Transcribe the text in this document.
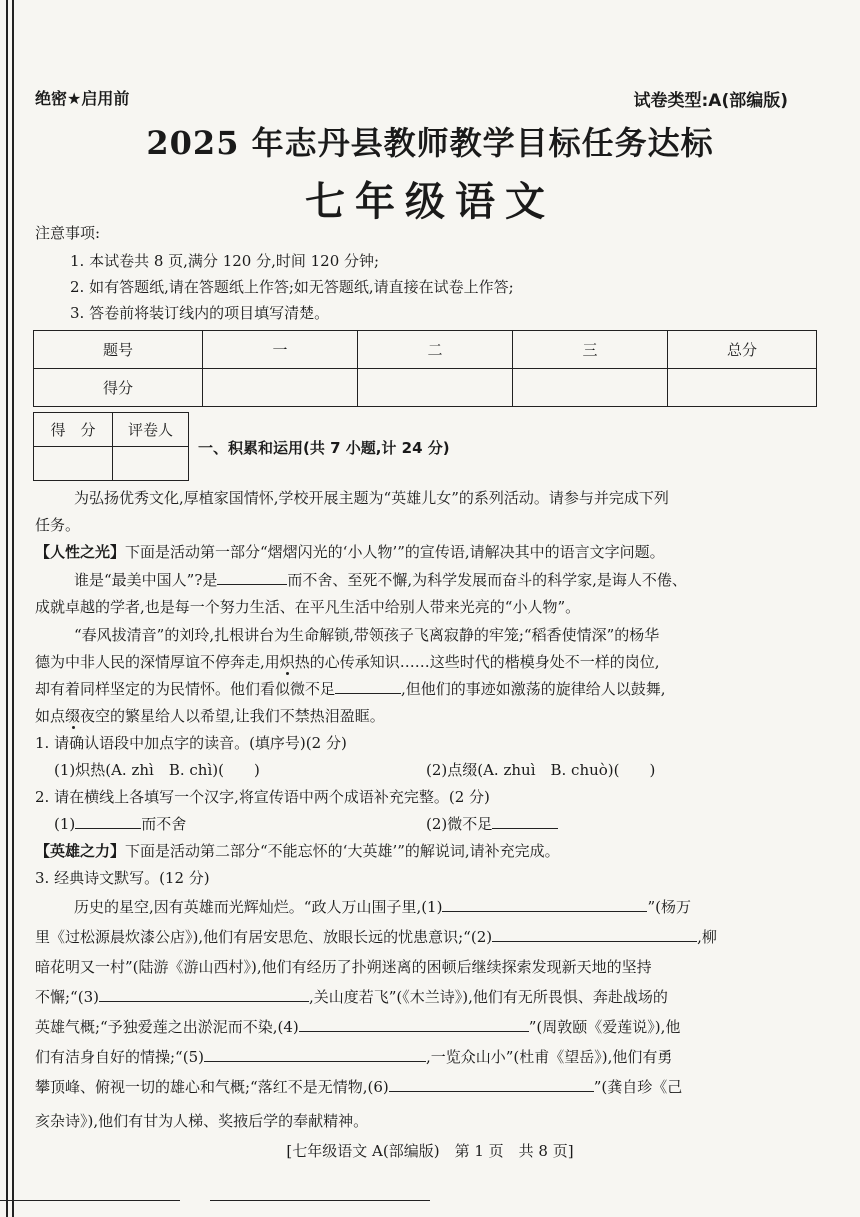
绝密★启用前	试卷类型:A(部编版)
2025 年志丹县教师教学目标任务达标
七年级语文
注意事项:
1. 本试卷共 8 页,满分 120 分,时间 120 分钟;
2. 如有答题纸,请在答题纸上作答;如无答题纸,请直接在试卷上作答;
3. 答卷前将装订线内的项目填写清楚。
题号	一	二	三	总分
得分				
得　分	评卷人

一、积累和运用(共 7 小题,计 24 分)
为弘扬优秀文化,厚植家国情怀,学校开展主题为“英雄儿女”的系列活动。请参与并完成下列
任务。
【人性之光】下面是活动第一部分“熠熠闪光的‘小人物’”的宣传语,请解决其中的语言文字问题。
谁是“最美中国人”?是	而不舍、至死不懈,为科学发展而奋斗的科学家,是诲人不倦、
成就卓越的学者,也是每一个努力生活、在平凡生活中给别人带来光亮的“小人物”。
“春风拔清音”的刘玲,扎根讲台为生命解锁,带领孩子飞离寂静的牢笼;“稻香使情深”的杨华
德为中非人民的深情厚谊不停奔走,用炽热的心传承知识……这些时代的楷模身处不一样的岗位,
却有着同样坚定的为民情怀。他们看似微不足	,但他们的事迹如激荡的旋律给人以鼓舞,
如点缀夜空的繁星给人以希望,让我们不禁热泪盈眶。
1. 请确认语段中加点字的读音。(填序号)(2 分)
(1)炽热(A. zhì　B. chì)(　　)	(2)点缀(A. zhuì　B. chuò)(　　)
2. 请在横线上各填写一个汉字,将宣传语中两个成语补充完整。(2 分)
(1)	而不舍	(2)微不足
【英雄之力】下面是活动第二部分“不能忘怀的‘大英雄’”的解说词,请补充完成。
3. 经典诗文默写。(12 分)
历史的星空,因有英雄而光辉灿烂。“政人万山围子里,(1)	”(杨万
里《过松源晨炊漆公店》),他们有居安思危、放眼长远的忧患意识;“(2)	,柳
暗花明又一村”(陆游《游山西村》),他们有经历了扑朔迷离的困顿后继续探索发现新天地的坚持
不懈;“(3)	,关山度若飞”(《木兰诗》),他们有无所畏惧、奔赴战场的
英雄气概;“予独爱莲之出淤泥而不染,(4)	”(周敦颐《爱莲说》),他
们有洁身自好的情操;“(5)	,一览众山小”(杜甫《望岳》),他们有勇
攀顶峰、俯视一切的雄心和气概;“落红不是无情物,(6)	”(龚自珍《己
[七年级语文 A(部编版)　第 1 页　共 8 页]
亥杂诗》),他们有甘为人梯、奖掖后学的奉献精神。
